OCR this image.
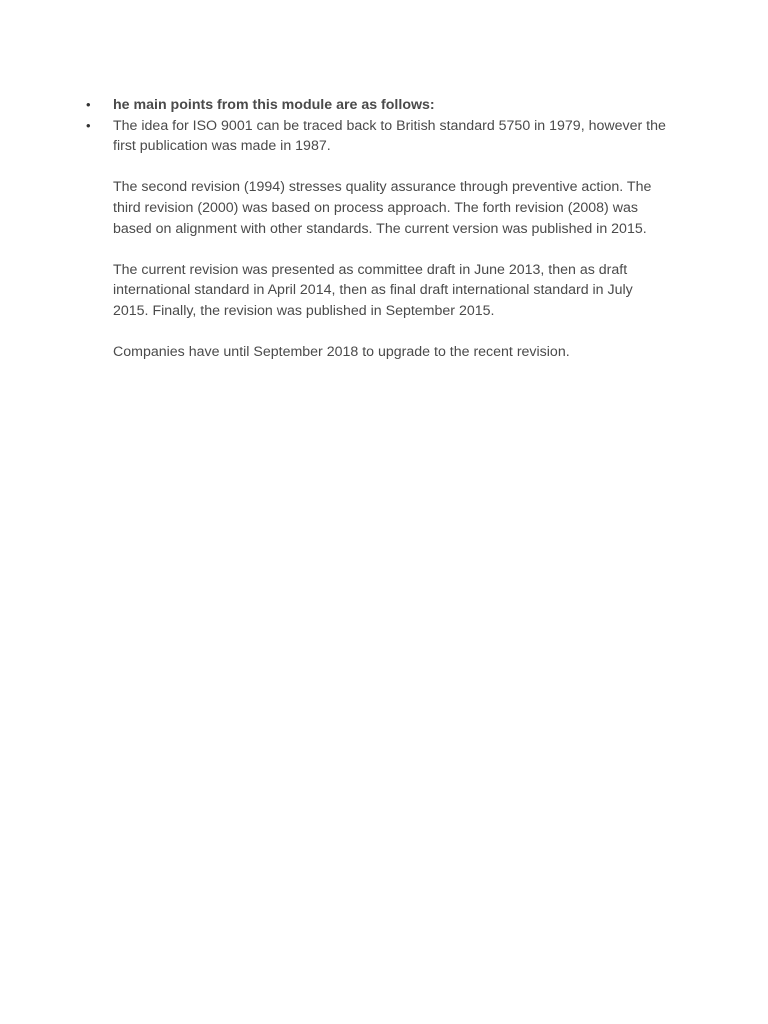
•	he main points from this module are as follows:
•	The idea for ISO 9001 can be traced back to British standard 5750 in 1979, however the first publication was made in 1987.

The second revision (1994) stresses quality assurance through preventive action. The third revision (2000) was based on process approach. The forth revision (2008) was based on alignment with other standards. The current version was published in 2015.

The current revision was presented as committee draft in June 2013, then as draft international standard in April 2014, then as final draft international standard in July 2015. Finally, the revision was published in September 2015.

Companies have until September 2018 to upgrade to the recent revision.
